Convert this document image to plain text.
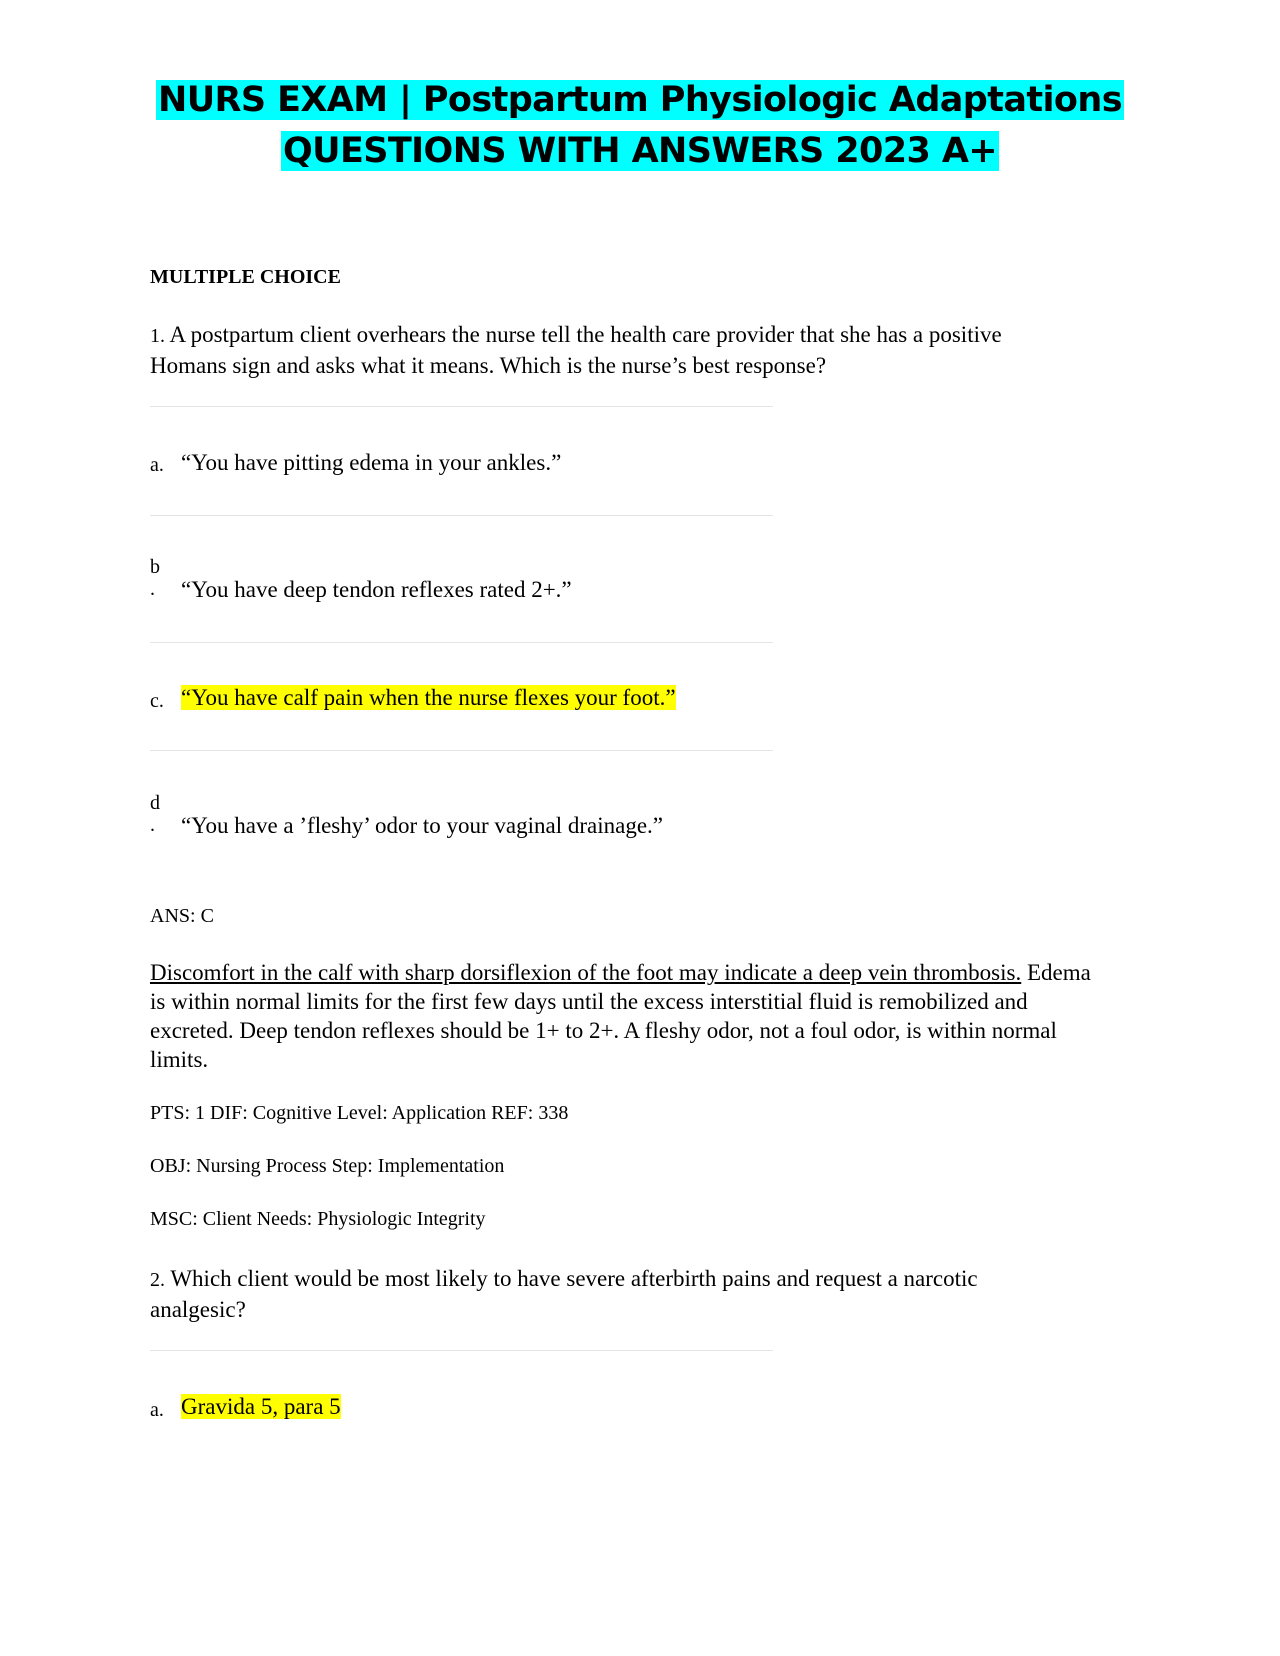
NURS EXAM | Postpartum Physiologic Adaptations
QUESTIONS WITH ANSWERS 2023 A+
MULTIPLE CHOICE
1. A postpartum client overhears the nurse tell the health care provider that she has a positive Homans sign and asks what it means. Which is the nurse’s best response?
a. “You have pitting edema in your ankles.”
b
. “You have deep tendon reflexes rated 2+.”
c. “You have calf pain when the nurse flexes your foot.”
d
. “You have a ’fleshy’ odor to your vaginal drainage.”
ANS: C
Discomfort in the calf with sharp dorsiflexion of the foot may indicate a deep vein thrombosis. Edema is within normal limits for the first few days until the excess interstitial fluid is remobilized and excreted. Deep tendon reflexes should be 1+ to 2+. A fleshy odor, not a foul odor, is within normal limits.
PTS: 1 DIF: Cognitive Level: Application REF: 338
OBJ: Nursing Process Step: Implementation
MSC: Client Needs: Physiologic Integrity
2. Which client would be most likely to have severe afterbirth pains and request a narcotic analgesic?
a. Gravida 5, para 5
